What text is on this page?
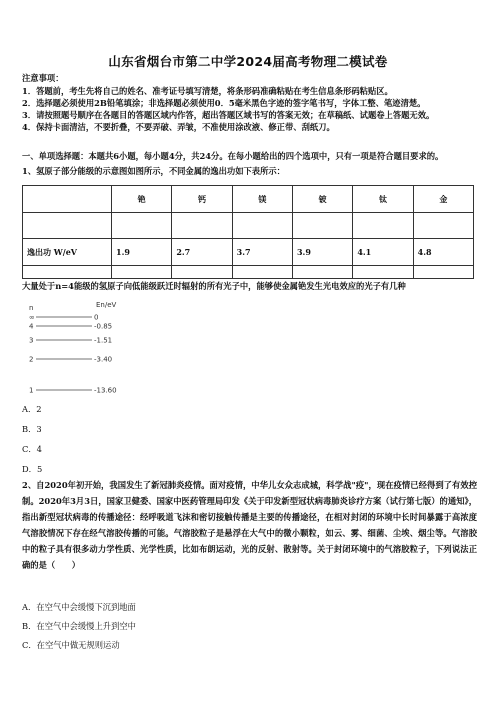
山东省烟台市第二中学2024届高考物理二模试卷
注意事项：
1．答题前，考生先将自己的姓名、准考证号填写清楚，将条形码准确粘贴在考生信息条形码粘贴区。
2．选择题必须使用2B铅笔填涂；非选择题必须使用0．5毫米黑色字迹的签字笔书写，字体工整、笔迹清楚。
3．请按照题号顺序在各题目的答题区域内作答，超出答题区域书写的答案无效；在草稿纸、试题卷上答题无效。
4．保持卡面清洁，不要折叠，不要弄破、弄皱，不准使用涂改液、修正带、刮纸刀。
一、单项选择题：本题共6小题，每小题4分，共24分。在每小题给出的四个选项中，只有一项是符合题目要求的。
1、氢原子部分能级的示意图如图所示，不同金属的逸出功如下表所示：
	铯	钙	镁	铍	钛	金

逸出功 W/eV	1.9	2.7	3.7	3.9	4.1	4.8

大量处于n=4能级的氢原子向低能级跃迁时辐射的所有光子中，能够使金属铯发生光电效应的光子有几种
n	En/eV
∞	0
4	-0.85
3	-1.51
2	-3.40
1	-13.60
A．2
B．3
C．4
D．5
2、自2020年初开始，我国发生了新冠肺炎疫情。面对疫情，中华儿女众志成城，科学战"疫"，现在疫情已经得到了有效控制。2020年3月3日，国家卫健委、国家中医药管理局印发《关于印发新型冠状病毒肺炎诊疗方案（试行第七版）的通知》，指出新型冠状病毒的传播途径：经呼吸道飞沫和密切接触传播是主要的传播途径，在相对封闭的环境中长时间暴露于高浓度气溶胶情况下存在经气溶胶传播的可能。气溶胶粒子是悬浮在大气中的微小颗粒，如云、雾、细菌、尘埃、烟尘等。气溶胶中的粒子具有很多动力学性质、光学性质，比如布朗运动，光的反射、散射等。关于封闭环境中的气溶胶粒子，下列说法正确的是（　　）
A．在空气中会缓慢下沉到地面
B．在空气中会缓慢上升到空中
C．在空气中做无规则运动
